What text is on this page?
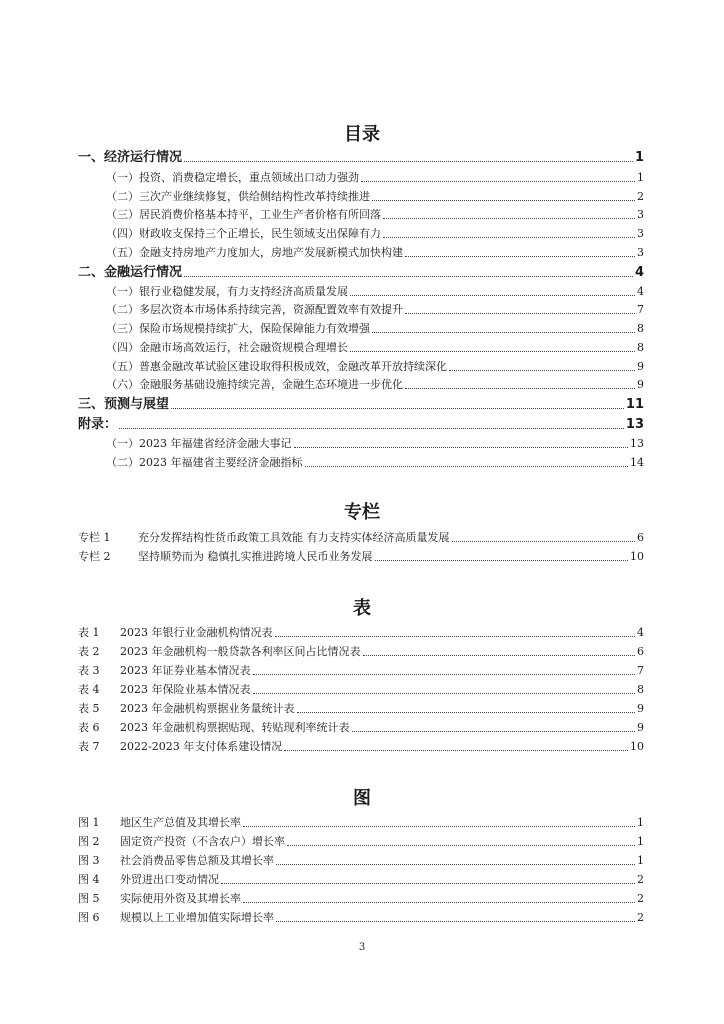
目录
一、经济运行情况	1
（一）投资、消费稳定增长，重点领域出口动力强劲	1
（二）三次产业继续修复，供给侧结构性改革持续推进	2
（三）居民消费价格基本持平，工业生产者价格有所回落	3
（四）财政收支保持三个正增长，民生领域支出保障有力	3
（五）金融支持房地产力度加大，房地产发展新模式加快构建	3
二、金融运行情况	4
（一）银行业稳健发展，有力支持经济高质量发展	4
（二）多层次资本市场体系持续完善，资源配置效率有效提升	7
（三）保险市场规模持续扩大，保险保障能力有效增强	8
（四）金融市场高效运行，社会融资规模合理增长	8
（五）普惠金融改革试验区建设取得积极成效，金融改革开放持续深化	9
（六）金融服务基础设施持续完善，金融生态环境进一步优化	9
三、预测与展望	11
附录：	13
（一）2023 年福建省经济金融大事记	13
（二）2023 年福建省主要经济金融指标	14
专栏
专栏 1	充分发挥结构性货币政策工具效能 有力支持实体经济高质量发展	6
专栏 2	坚持顺势而为 稳慎扎实推进跨境人民币业务发展	10
表
表 1 2023 年银行业金融机构情况表	4
表 2 2023 年金融机构一般贷款各利率区间占比情况表	6
表 3 2023 年证券业基本情况表	7
表 4 2023 年保险业基本情况表	8
表 5 2023 年金融机构票据业务量统计表	9
表 6 2023 年金融机构票据贴现、转贴现利率统计表	9
表 7 2022-2023 年支付体系建设情况	10
图
图 1 地区生产总值及其增长率	1
图 2 固定资产投资（不含农户）增长率	1
图 3 社会消费品零售总额及其增长率	1
图 4 外贸进出口变动情况	2
图 5 实际使用外资及其增长率	2
图 6 规模以上工业增加值实际增长率	2
3
